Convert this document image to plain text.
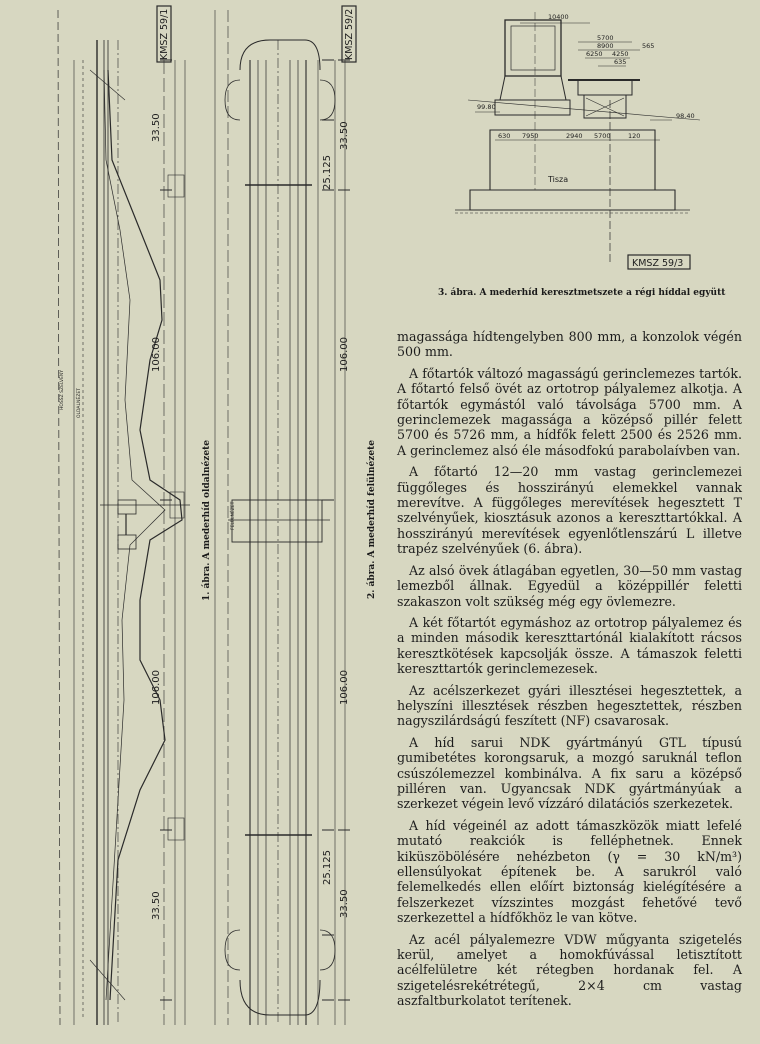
KMSZ 59/1	KMSZ 59/2
33.50
106.00
106.00
33.50
HOSSZ SZELVÉNY	OLDALNÉZET
25.125
33.50
106.00
106.00
25.125
33.50
FELÜLNÉZET
10400
5700
8900	565
6250 4250
635
630 7950	2940 5700	120
99.80
98.40
Tisza
KMSZ 59/3
1. ábra. A mederhíd oldalnézete	2. ábra. A mederhíd felülnézete
3. ábra. A mederhíd keresztmetszete a régi híddal együtt

magassága hídtengelyben 800 mm, a konzolok végén 500 mm.

A főtartók változó magasságú gerinclemezes tartók. A főtartó felső övét az ortotrop pályalemez alkotja. A főtartók egymástól való távolsága 5700 mm. A gerinclemezek magassága a középső pillér felett 5700 és 5726 mm, a hídfők felett 2500 és 2526 mm. A gerinclemez alsó éle másodfokú parabolaívben van.

A főtartó 12—20 mm vastag gerinclemezei függőleges és hosszirányú elemekkel vannak merevítve. A függőleges merevítések hegesztett T szelvényűek, kiosztásuk azonos a kereszttartókkal. A hosszirányú merevítések egyenlőtlenszárú L illetve trapéz szelvényűek (6. ábra).

Az alsó övek átlagában egyetlen, 30—50 mm vastag lemezből állnak. Egyedül a középpillér feletti szakaszon volt szükség még egy övlemezre.

A két főtartót egymáshoz az ortotrop pályalemez és a minden második kereszttartónál kialakított rácsos keresztkötések kapcsolják össze. A támaszok feletti kereszttartók gerinclemezesek.

Az acélszerkezet gyári illesztései hegesztettek, a helyszíni illesztések részben hegesztettek, részben nagyszilárdságú feszített (NF) csavarosak.

A híd sarui NDK gyártmányú GTL típusú gumibetétes korongsaruk, a mozgó saruknál teflon csúszólemezzel kombinálva. A fix saru a középső pilléren van. Ugyancsak NDK gyártmányúak a szerkezet végein levő vízzáró dilatációs szerkezetek.

A híd végeinél az adott támaszközök miatt lefelé mutató reakciók is felléphetnek. Ennek kiküszöbölésére nehézbeton (γ = 30 kN/m³) ellensúlyokat építenek be. A sarukról való felemelkedés ellen előírt biztonság kielégítésére a felszerkezet vízszintes mozgást fehetővé tevő szerkezettel a hídfőkhöz le van kötve.

Az acél pályalemezre VDW műgyanta szigetelés kerül, amelyet a homokfúvással letisztított acélfelületre két rétegben hordanak fel. A szigetelésrekétrétegű, 2×4 cm vastag aszfaltburkolatot terítenek.
